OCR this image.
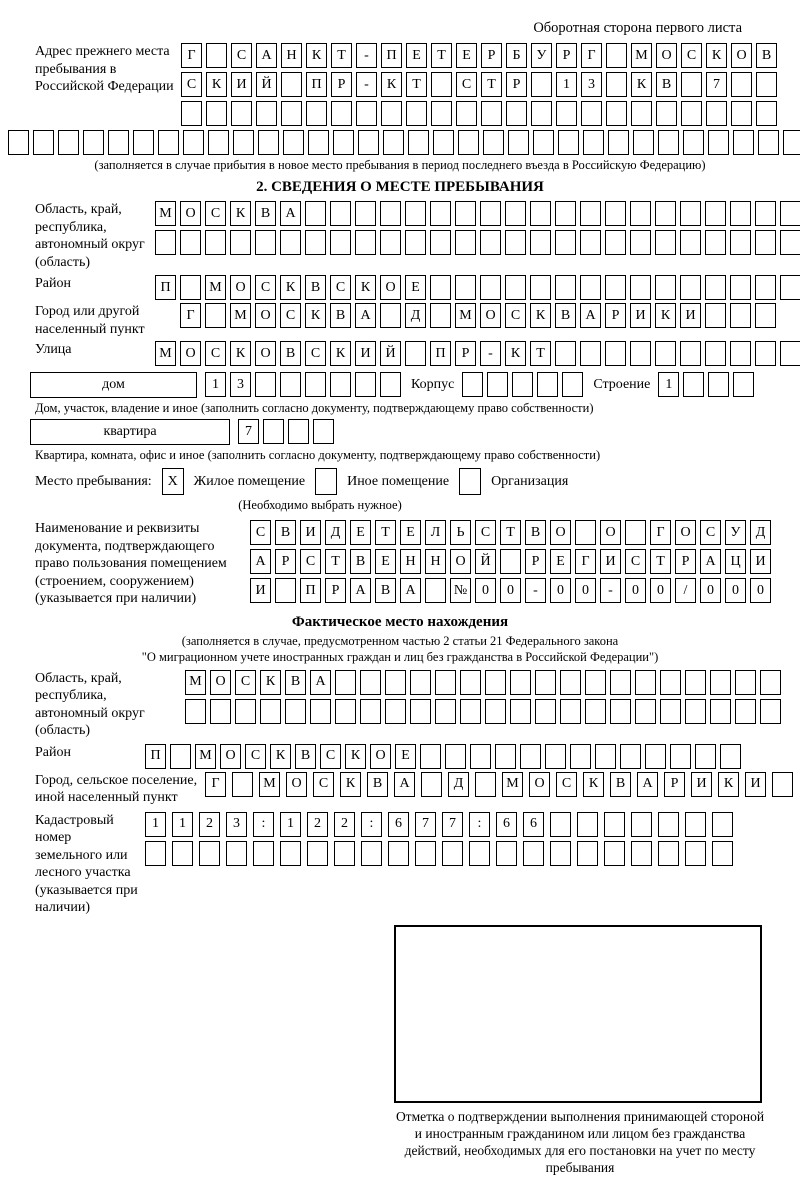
Оборотная сторона первого листа
Адрес прежнего места пребывания в Российской Федерации
Г	С	А	Н	К	Т	-	П	Е	Т	Е	Р	Б	У	Р	Г	М О	С	К	О	В
С	К	И	Й	П	Р	-	К	Т	С	Т	Р	1	3	К	В	7
(заполняется в случае прибытия в новое место пребывания в период последнего въезда в Российскую Федерацию)
2. СВЕДЕНИЯ О МЕСТЕ ПРЕБЫВАНИЯ
Область, край, республика, автономный округ (область)
М О	С	К	В	А
Район	П	М О	С	К	В	С	К	О	Е
Город или другой населенный пункт
Г	М О	С	К	В	А	Д	М О	С	К	В	А	Р	И	К	И
Улица	М О	С	К	О	В	С	К	И	Й	П	Р	-	К	Т
дом	1	3	Корпус	Строение	1
Дом, участок, владение и иное (заполнить согласно документу, подтверждающему право собственности)
квартира	7
Квартира, комната, офис и иное (заполнить согласно документу, подтверждающему право собственности)
Место пребывания:	X	Жилое помещение	Иное помещение	Организация
(Необходимо выбрать нужное)
Наименование и реквизиты документа, подтверждающего право пользования помещением (строением, сооружением) (указывается при наличии)
С	В	И	Д	Е	Т	Е	Л	Ь	С	Т	В	О	О	Г	О	С	У	Д
А	Р	С	Т	В	Е	Н	Н	О	Й	Р	Е	Г	И	С	Т	Р	А	Ц	И
И	П	Р	А	В	А	№	0	0	-	0	0	-	0	0	/	0	0	0
Фактическое место нахождения
(заполняется в случае, предусмотренном частью 2 статьи 21 Федерального закона
"О миграционном учете иностранных граждан и лиц без гражданства в Российской Федерации")
Область, край, республика, автономный округ (область)
М О	С	К	В	А
Район	П	М О	С	К	В	С	К	О	Е
Город, сельское поселение, иной населенный пункт
Г	М	О	С	К	В	А	Д	М	О	С	К	В	А	Р	И	К	И
Кадастровый номер земельного или лесного участка (указывается при наличии)
1	1	2	3	:	1	2	2	:	6	7	7	:	6	6
Отметка о подтверждении выполнения принимающей стороной и иностранным гражданином или лицом без гражданства действий, необходимых для его постановки на учет по месту пребывания
